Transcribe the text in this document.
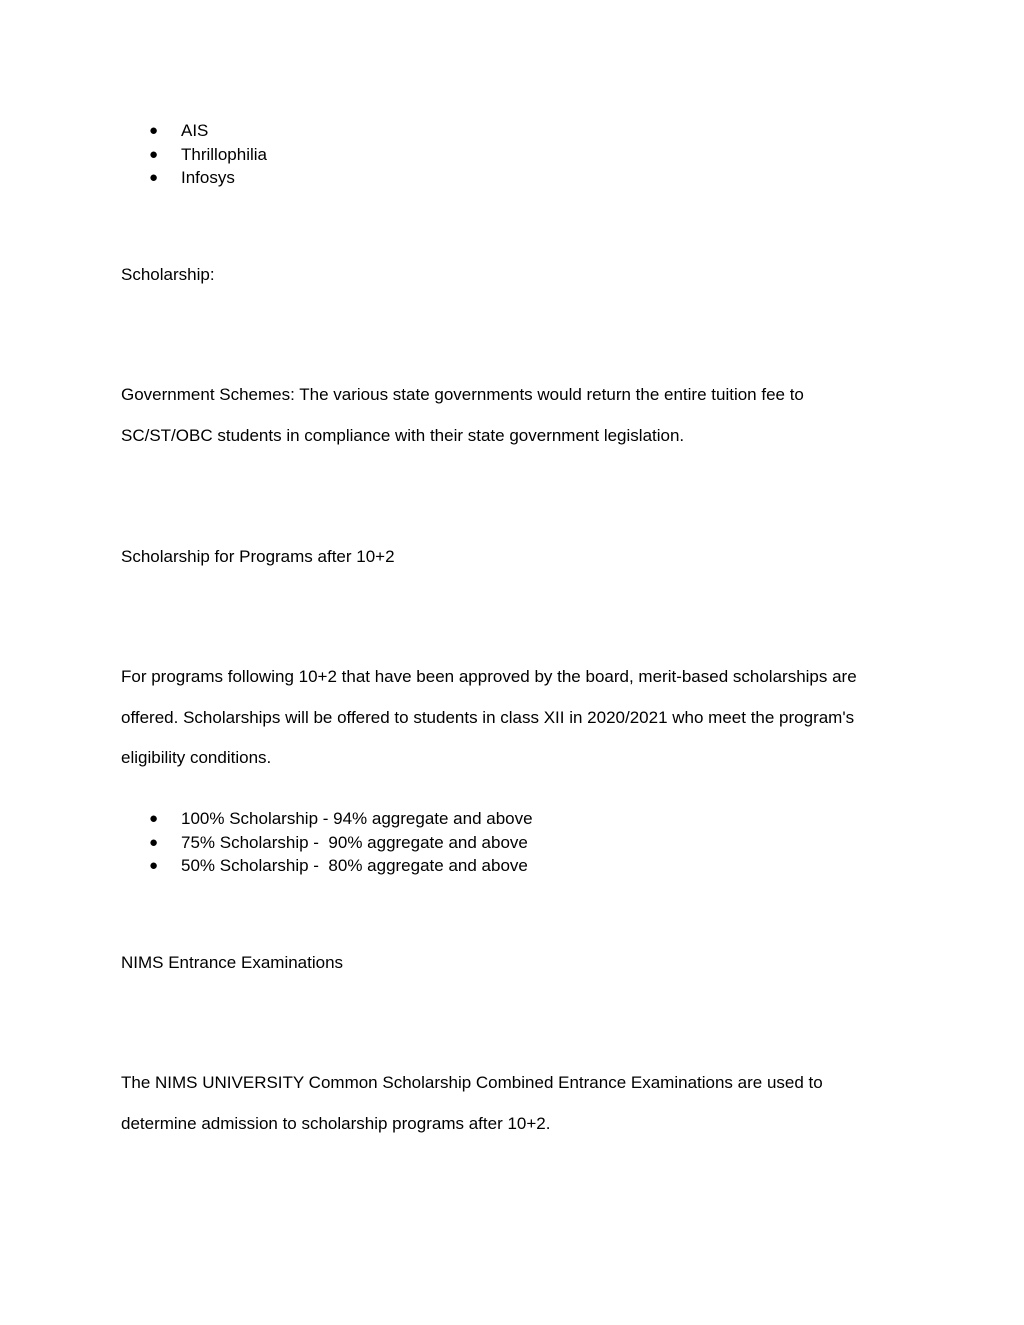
● AIS
● Thrillophilia
● Infosys

Scholarship:

Government Schemes: The various state governments would return the entire tuition fee to
SC/ST/OBC students in compliance with their state government legislation.

Scholarship for Programs after 10+2

For programs following 10+2 that have been approved by the board, merit-based scholarships are
offered. Scholarships will be offered to students in class XII in 2020/2021 who meet the program's
eligibility conditions.
● 100% Scholarship - 94% aggregate and above
● 75% Scholarship -  90% aggregate and above
● 50% Scholarship -  80% aggregate and above

NIMS Entrance Examinations

The NIMS UNIVERSITY Common Scholarship Combined Entrance Examinations are used to
determine admission to scholarship programs after 10+2.
